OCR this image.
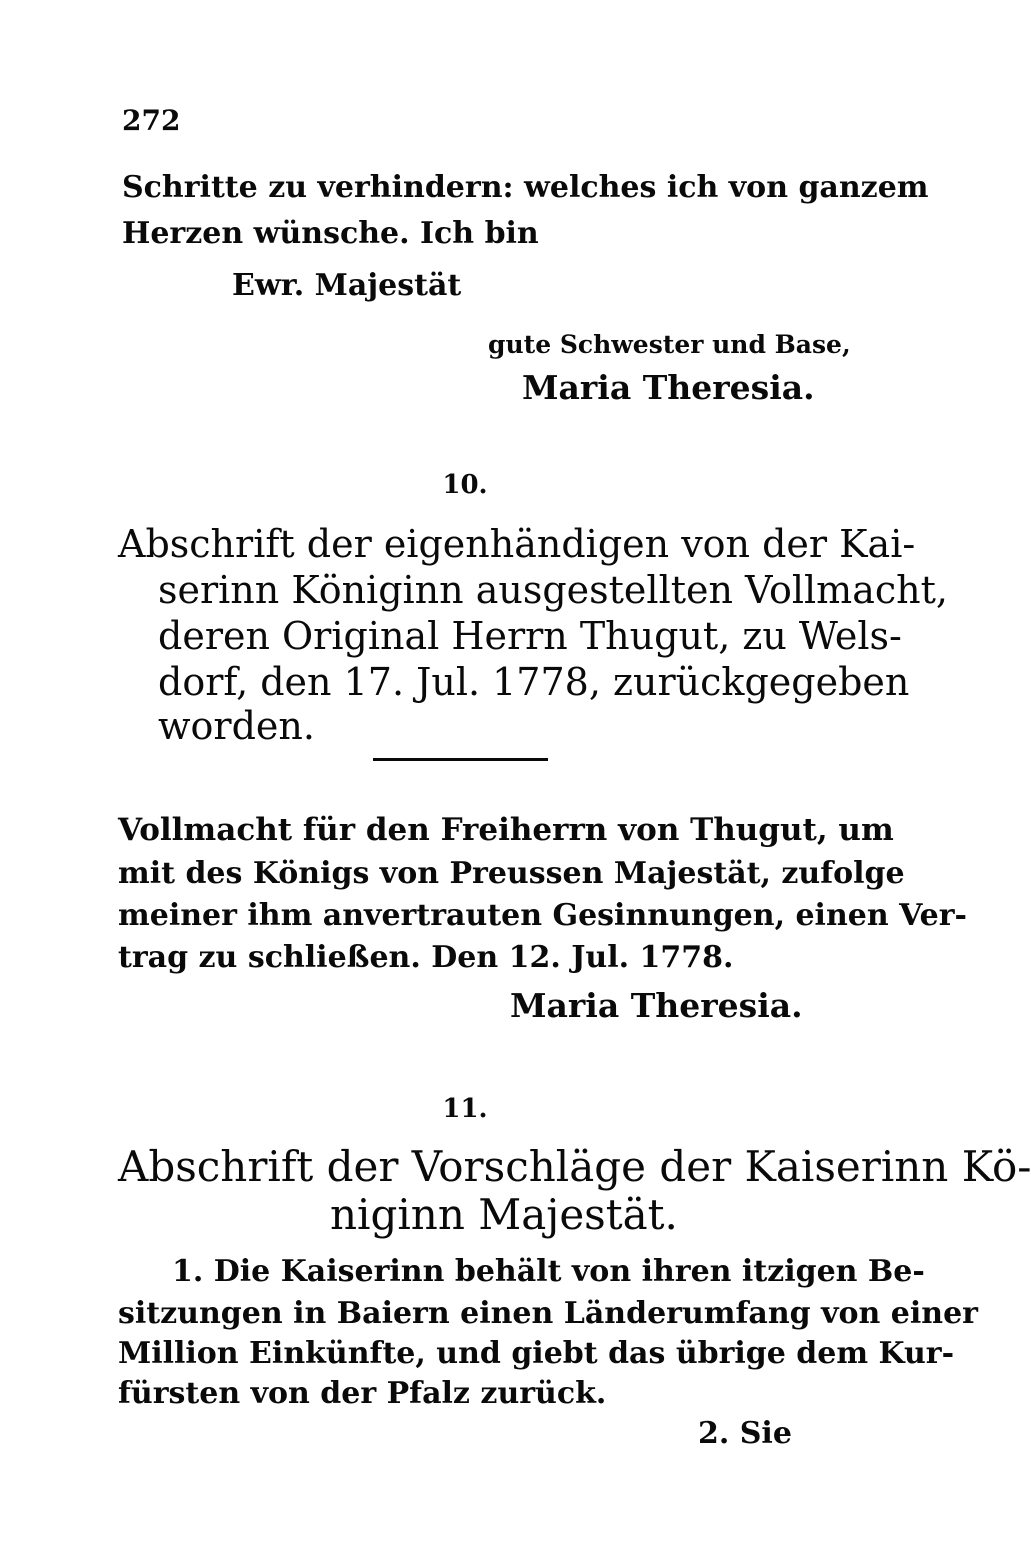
272
Schritte zu verhindern: welches ich von ganzem
Herzen wünsche. Ich bin
Ewr. Majestät
gute Schwester und Base,
Maria Theresia.
10.
Abschrift der eigenhändigen von der Kai-
serinn Königinn ausgestellten Vollmacht,
deren Original Herrn Thugut, zu Wels-
dorf, den 17. Jul. 1778, zurückgegeben
worden.
Vollmacht für den Freiherrn von Thugut, um
mit des Königs von Preussen Majestät, zufolge
meiner ihm anvertrauten Gesinnungen, einen Ver-
trag zu schließen. Den 12. Jul. 1778.
Maria Theresia.
11.
Abschrift der Vorschläge der Kaiserinn Kö-
niginn Majestät.
1. Die Kaiserinn behält von ihren itzigen Be-
sitzungen in Baiern einen Länderumfang von einer
Million Einkünfte, und giebt das übrige dem Kur-
fürsten von der Pfalz zurück.
2. Sie
